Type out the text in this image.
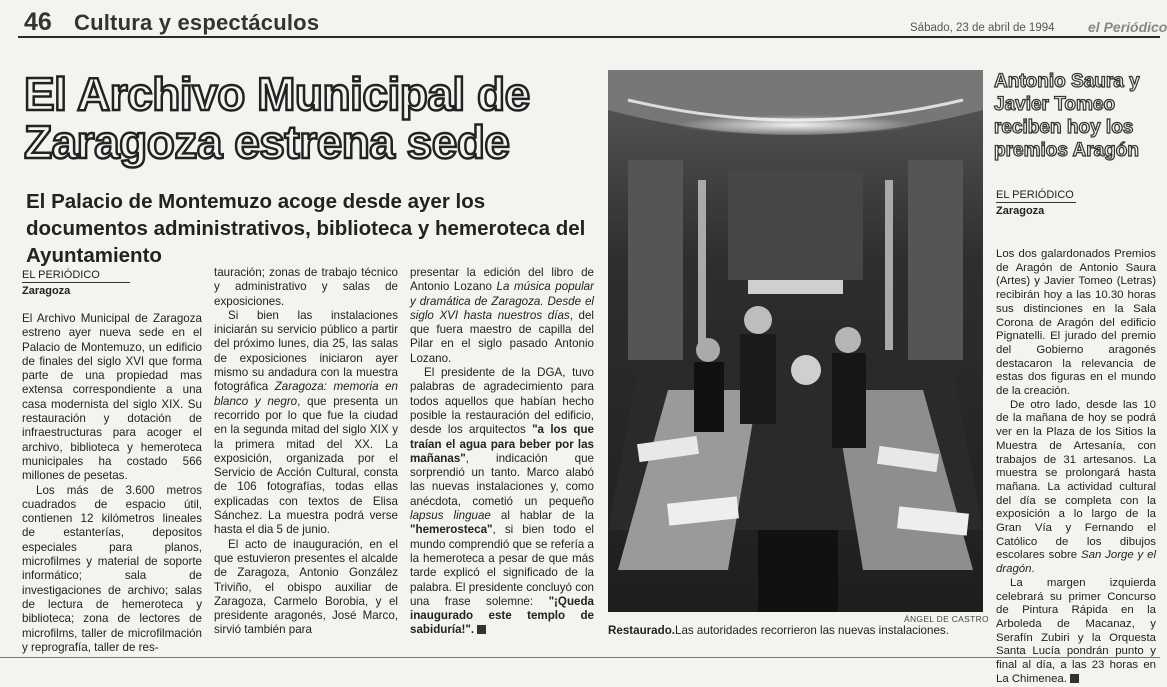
46 Cultura y espectáculos	Sábado, 23 de abril de 1994 el Periódico
El Archivo Municipal de Zaragoza estrena sede
El Palacio de Montemuzo acoge desde ayer los documentos administrativos, biblioteca y hemeroteca del Ayuntamiento
EL PERIÓDICO
Zaragoza

El Archivo Municipal de Zaragoza estreno ayer nueva sede en el Palacio de Montemuzo, un edificio de finales del siglo XVI que forma parte de una propiedad mas extensa correspondiente a una casa modernista del siglo XIX. Su restauración y dotación de infraestructuras para acoger el archivo, biblioteca y hemeroteca municipales ha costado 566 millones de pesetas.

Los más de 3.600 metros cuadrados de espacio útil, contienen 12 kilómetros lineales de estanterías, depositos especiales para planos, microfilmes y material de soporte informático; sala de investigaciones de archivo; salas de lectura de hemeroteca y biblioteca; zona de lectores de microfilms, taller de microfilmación y reprografía, taller de res-

tauración; zonas de trabajo técnico y administrativo y salas de exposiciones.

Si bien las instalaciones iniciarán su servicio público a partir del próximo lunes, dia 25, las salas de exposiciones iniciaron ayer mismo su andadura con la muestra fotográfica Zaragoza: memoria en blanco y negro, que presenta un recorrido por lo que fue la ciudad en la segunda mitad del siglo XIX y la primera mitad del XX. La exposición, organizada por el Servicio de Acción Cultural, consta de 106 fotografías, todas ellas explicadas con textos de Elisa Sánchez. La muestra podrá verse hasta el dia 5 de junio.

El acto de inauguración, en el que estuvieron presentes el alcalde de Zaragoza, Antonio González Triviño, el obispo auxiliar de Zaragoza, Carmelo Borobia, y el presidente aragonés, José Marco, sirvió también para

presentar la edición del libro de Antonio Lozano La música popular y dramática de Zaragoza. Desde el siglo XVI hasta nuestros días, del que fuera maestro de capilla del Pilar en el siglo pasado Antonio Lozano.

El presidente de la DGA, tuvo palabras de agradecimiento para todos aquellos que habían hecho posible la restauración del edificio, desde los arquitectos "a los que traían el agua para beber por las mañanas", indicación que sorprendió un tanto. Marco alabó las nuevas instalaciones y, como anécdota, cometió un pequeño lapsus linguae al hablar de la "hemerosteca", si bien todo el mundo comprendió que se refería a la hemeroteca a pesar de que más tarde explicó el significado de la palabra. El presidente concluyó con una frase solemne: "¡Queda inaugurado este templo de sabiduría!".

ÁNGEL DE CASTRO
Restaurado.Las autoridades recorrieron las nuevas instalaciones.
Antonio Saura y Javier Tomeo reciben hoy los premios Aragón
EL PERIÓDICO
Zaragoza

Los dos galardonados Premios de Aragón de Antonio Saura (Artes) y Javier Tomeo (Letras) recibirán hoy a las 10.30 horas sus distinciones en la Sala Corona de Aragón del edificio Pignatelli. El jurado del premio del Gobierno aragonés destacaron la relevancia de estas dos figuras en el mundo de la creación.

De otro lado, desde las 10 de la mañana de hoy se podrá ver en la Plaza de los Sitios la Muestra de Artesanía, con trabajos de 31 artesanos. La muestra se prolongará hasta mañana. La actividad cultural del día se completa con la exposición a lo largo de la Gran Vía y Fernando el Católico de los dibujos escolares sobre San Jorge y el dragón.

La margen izquierda celebrará su primer Concurso de Pintura Rápida en la Arboleda de Macanaz, y Serafín Zubiri y la Orquesta Santa Lucía pondrán punto y final al día, a las 23 horas en La Chimenea.
